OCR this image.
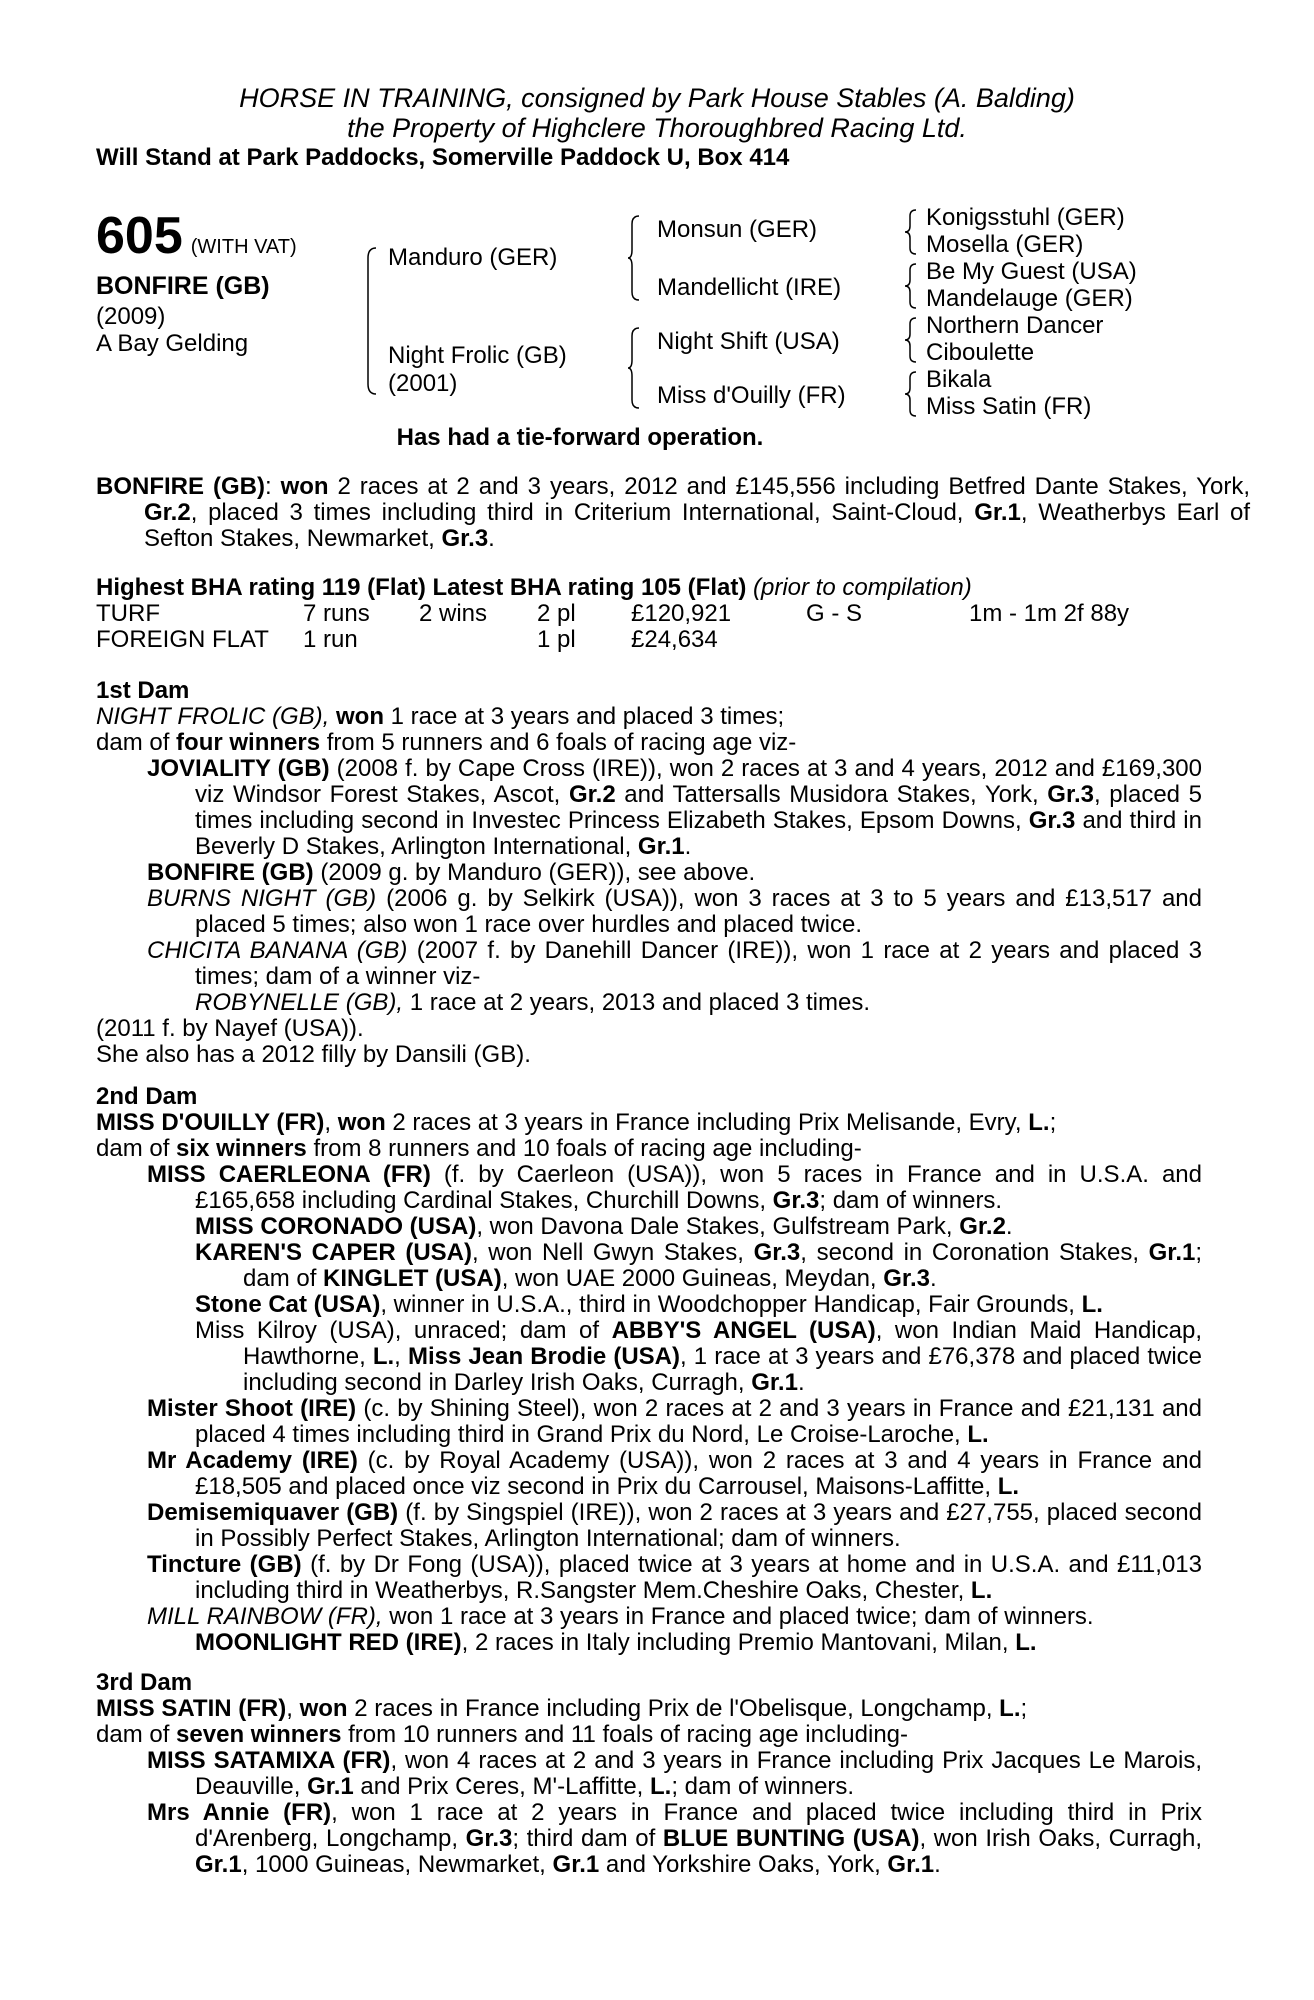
HORSE IN TRAINING, consigned by Park House Stables (A. Balding)
the Property of Highclere Thoroughbred Racing Ltd.
Will Stand at Park Paddocks, Somerville Paddock U, Box 414
605 (WITH VAT)
BONFIRE (GB)
(2009)
A Bay Gelding
Manduro (GER)
Night Frolic (GB)
(2001)
Monsun (GER)
Mandellicht (IRE)
Night Shift (USA)
Miss d'Ouilly (FR)
Konigsstuhl (GER)
Mosella (GER)
Be My Guest (USA)
Mandelauge (GER)
Northern Dancer
Ciboulette
Bikala
Miss Satin (FR)
Has had a tie-forward operation.
BONFIRE (GB): won 2 races at 2 and 3 years, 2012 and £145,556 including Betfred Dante Stakes, York, Gr.2, placed 3 times including third in Criterium International, Saint-Cloud, Gr.1, Weatherbys Earl of Sefton Stakes, Newmarket, Gr.3.
Highest BHA rating 119 (Flat) Latest BHA rating 105 (Flat) (prior to compilation)
TURF	7 runs	2 wins	2 pl	£120,921	G - S	1m - 1m 2f 88y
FOREIGN FLAT	1 run		1 pl	£24,634		
1st Dam
NIGHT FROLIC (GB), won 1 race at 3 years and placed 3 times;
dam of four winners from 5 runners and 6 foals of racing age viz-
JOVIALITY (GB) (2008 f. by Cape Cross (IRE)), won 2 races at 3 and 4 years, 2012 and £169,300 viz Windsor Forest Stakes, Ascot, Gr.2 and Tattersalls Musidora Stakes, York, Gr.3, placed 5 times including second in Investec Princess Elizabeth Stakes, Epsom Downs, Gr.3 and third in Beverly D Stakes, Arlington International, Gr.1.
BONFIRE (GB) (2009 g. by Manduro (GER)), see above.
BURNS NIGHT (GB) (2006 g. by Selkirk (USA)), won 3 races at 3 to 5 years and £13,517 and placed 5 times; also won 1 race over hurdles and placed twice.
CHICITA BANANA (GB) (2007 f. by Danehill Dancer (IRE)), won 1 race at 2 years and placed 3 times; dam of a winner viz-
ROBYNELLE (GB), 1 race at 2 years, 2013 and placed 3 times.
(2011 f. by Nayef (USA)).
She also has a 2012 filly by Dansili (GB).
2nd Dam
MISS D'OUILLY (FR), won 2 races at 3 years in France including Prix Melisande, Evry, L.;
dam of six winners from 8 runners and 10 foals of racing age including-
MISS CAERLEONA (FR) (f. by Caerleon (USA)), won 5 races in France and in U.S.A. and £165,658 including Cardinal Stakes, Churchill Downs, Gr.3; dam of winners.
MISS CORONADO (USA), won Davona Dale Stakes, Gulfstream Park, Gr.2.
KAREN'S CAPER (USA), won Nell Gwyn Stakes, Gr.3, second in Coronation Stakes, Gr.1; dam of KINGLET (USA), won UAE 2000 Guineas, Meydan, Gr.3.
Stone Cat (USA), winner in U.S.A., third in Woodchopper Handicap, Fair Grounds, L.
Miss Kilroy (USA), unraced; dam of ABBY'S ANGEL (USA), won Indian Maid Handicap, Hawthorne, L., Miss Jean Brodie (USA), 1 race at 3 years and £76,378 and placed twice including second in Darley Irish Oaks, Curragh, Gr.1.
Mister Shoot (IRE) (c. by Shining Steel), won 2 races at 2 and 3 years in France and £21,131 and placed 4 times including third in Grand Prix du Nord, Le Croise-Laroche, L.
Mr Academy (IRE) (c. by Royal Academy (USA)), won 2 races at 3 and 4 years in France and £18,505 and placed once viz second in Prix du Carrousel, Maisons-Laffitte, L.
Demisemiquaver (GB) (f. by Singspiel (IRE)), won 2 races at 3 years and £27,755, placed second in Possibly Perfect Stakes, Arlington International; dam of winners.
Tincture (GB) (f. by Dr Fong (USA)), placed twice at 3 years at home and in U.S.A. and £11,013 including third in Weatherbys, R.Sangster Mem.Cheshire Oaks, Chester, L.
MILL RAINBOW (FR), won 1 race at 3 years in France and placed twice; dam of winners.
MOONLIGHT RED (IRE), 2 races in Italy including Premio Mantovani, Milan, L.
3rd Dam
MISS SATIN (FR), won 2 races in France including Prix de l'Obelisque, Longchamp, L.;
dam of seven winners from 10 runners and 11 foals of racing age including-
MISS SATAMIXA (FR), won 4 races at 2 and 3 years in France including Prix Jacques Le Marois, Deauville, Gr.1 and Prix Ceres, M'-Laffitte, L.; dam of winners.
Mrs Annie (FR), won 1 race at 2 years in France and placed twice including third in Prix d'Arenberg, Longchamp, Gr.3; third dam of BLUE BUNTING (USA), won Irish Oaks, Curragh, Gr.1, 1000 Guineas, Newmarket, Gr.1 and Yorkshire Oaks, York, Gr.1.
